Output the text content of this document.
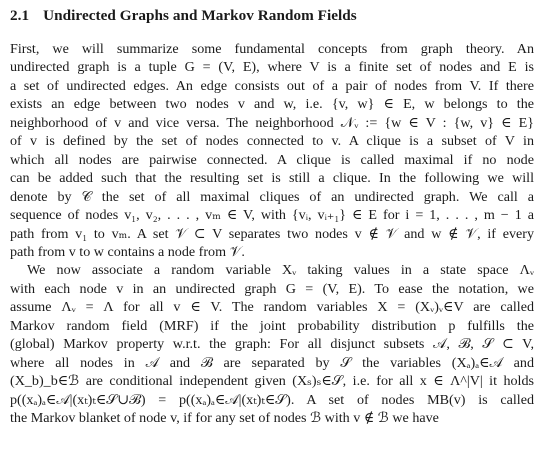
2.1 Undirected Graphs and Markov Random Fields
First, we will summarize some fundamental concepts from graph theory. An
undirected graph is a tuple G = (V, E), where V is a finite set of nodes and E is
a set of undirected edges. An edge consists out of a pair of nodes from V. If there
exists an edge between two nodes v and w, i.e. {v, w} ∈ E, w belongs to the
neighborhood of v and vice versa. The neighborhood 𝒩ᵥ := {w ∈ V : {w, v} ∈ E}
of v is defined by the set of nodes connected to v. A clique is a subset of V in
which all nodes are pairwise connected. A clique is called maximal if no node
can be added such that the resulting set is still a clique. In the following we will
denote by 𝒞 the set of all maximal cliques of an undirected graph. We call a
sequence of nodes v₁, v₂, . . . , vₘ ∈ V, with {vᵢ, vᵢ₊₁} ∈ E for i = 1, . . . , m − 1 a
path from v₁ to vₘ. A set 𝒱 ⊂ V separates two nodes v ∉ 𝒱 and w ∉ 𝒱, if every
path from v to w contains a node from 𝒱.
We now associate a random variable Xᵥ taking values in a state space Λᵥ
with each node v in an undirected graph G = (V, E). To ease the notation, we
assume Λᵥ = Λ for all v ∈ V. The random variables X = (Xᵥ)ᵥ∈V are called
Markov random field (MRF) if the joint probability distribution p fulfills the
(global) Markov property w.r.t. the graph: For all disjunct subsets 𝒜, ℬ, 𝒮 ⊂ V,
where all nodes in 𝒜 and ℬ are separated by 𝒮 the variables (Xₐ)ₐ∈𝒜 and
(X_b)_b∈ℬ are conditional independent given (Xₛ)ₛ∈𝒮, i.e. for all x ∈ Λ^|V| it holds
p((xₐ)ₐ∈𝒜|(xₜ)ₜ∈𝒮∪ℬ) = p((xₐ)ₐ∈𝒜|(xₜ)ₜ∈𝒮). A set of nodes MB(v) is called
the Markov blanket of node v, if for any set of nodes ℬ with v ∉ ℬ we have
